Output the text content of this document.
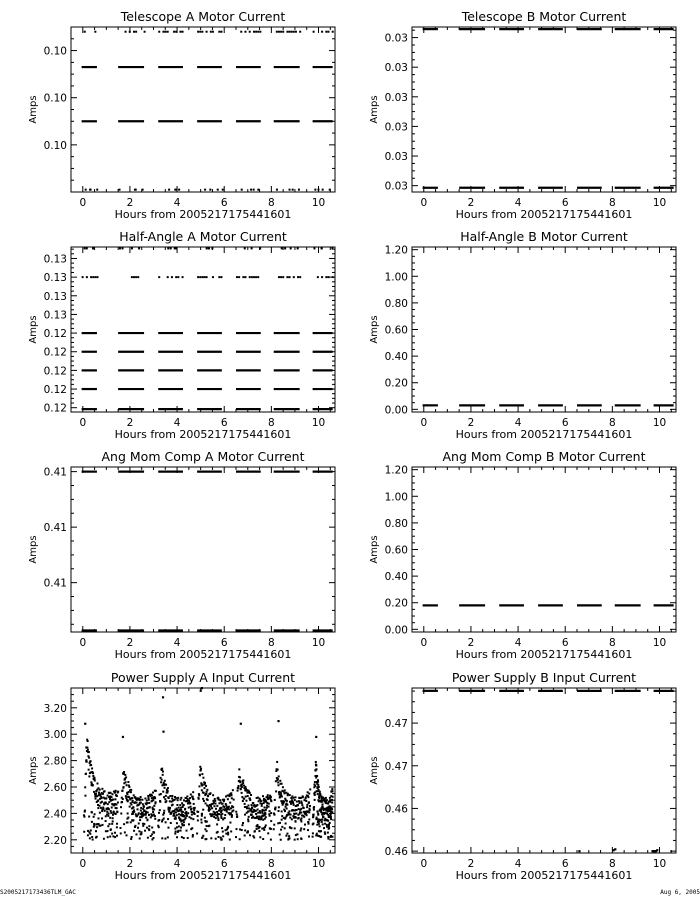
Telescope A Motor Current
Hours from 2005217175441601
Amps
0	2	4	6	8	10
0.10
0.10
0.10
Telescope B Motor Current
Hours from 2005217175441601
Amps
0	2	4	6	8	10
0.03
0.03
0.03
0.03
0.03
0.03
Half-Angle A Motor Current
Hours from 2005217175441601
Amps
0	2	4	6	8	10
0.12
0.12
0.12
0.12
0.12
0.13
0.13
0.13
0.13
Half-Angle B Motor Current
Hours from 2005217175441601
Amps
0	2	4	6	8	10
0.00
0.20
0.40
0.60
0.80
1.00
1.20
Ang Mom Comp A Motor Current
Hours from 2005217175441601
Amps
0	2	4	6	8	10
0.41
0.41
0.41
Ang Mom Comp B Motor Current
Hours from 2005217175441601
Amps
0	2	4	6	8	10
0.00
0.20
0.40
0.60
0.80
1.00
1.20
Power Supply A Input Current
Hours from 2005217175441601
Amps
0	2	4	6	8	10
2.20
2.40
2.60
2.80
3.00
3.20
Power Supply B Input Current
Hours from 2005217175441601
Amps
0	2	4	6	8	10
0.46
0.46
0.47
0.47
S2005217173436TLM_GAC	Aug 6, 2005
